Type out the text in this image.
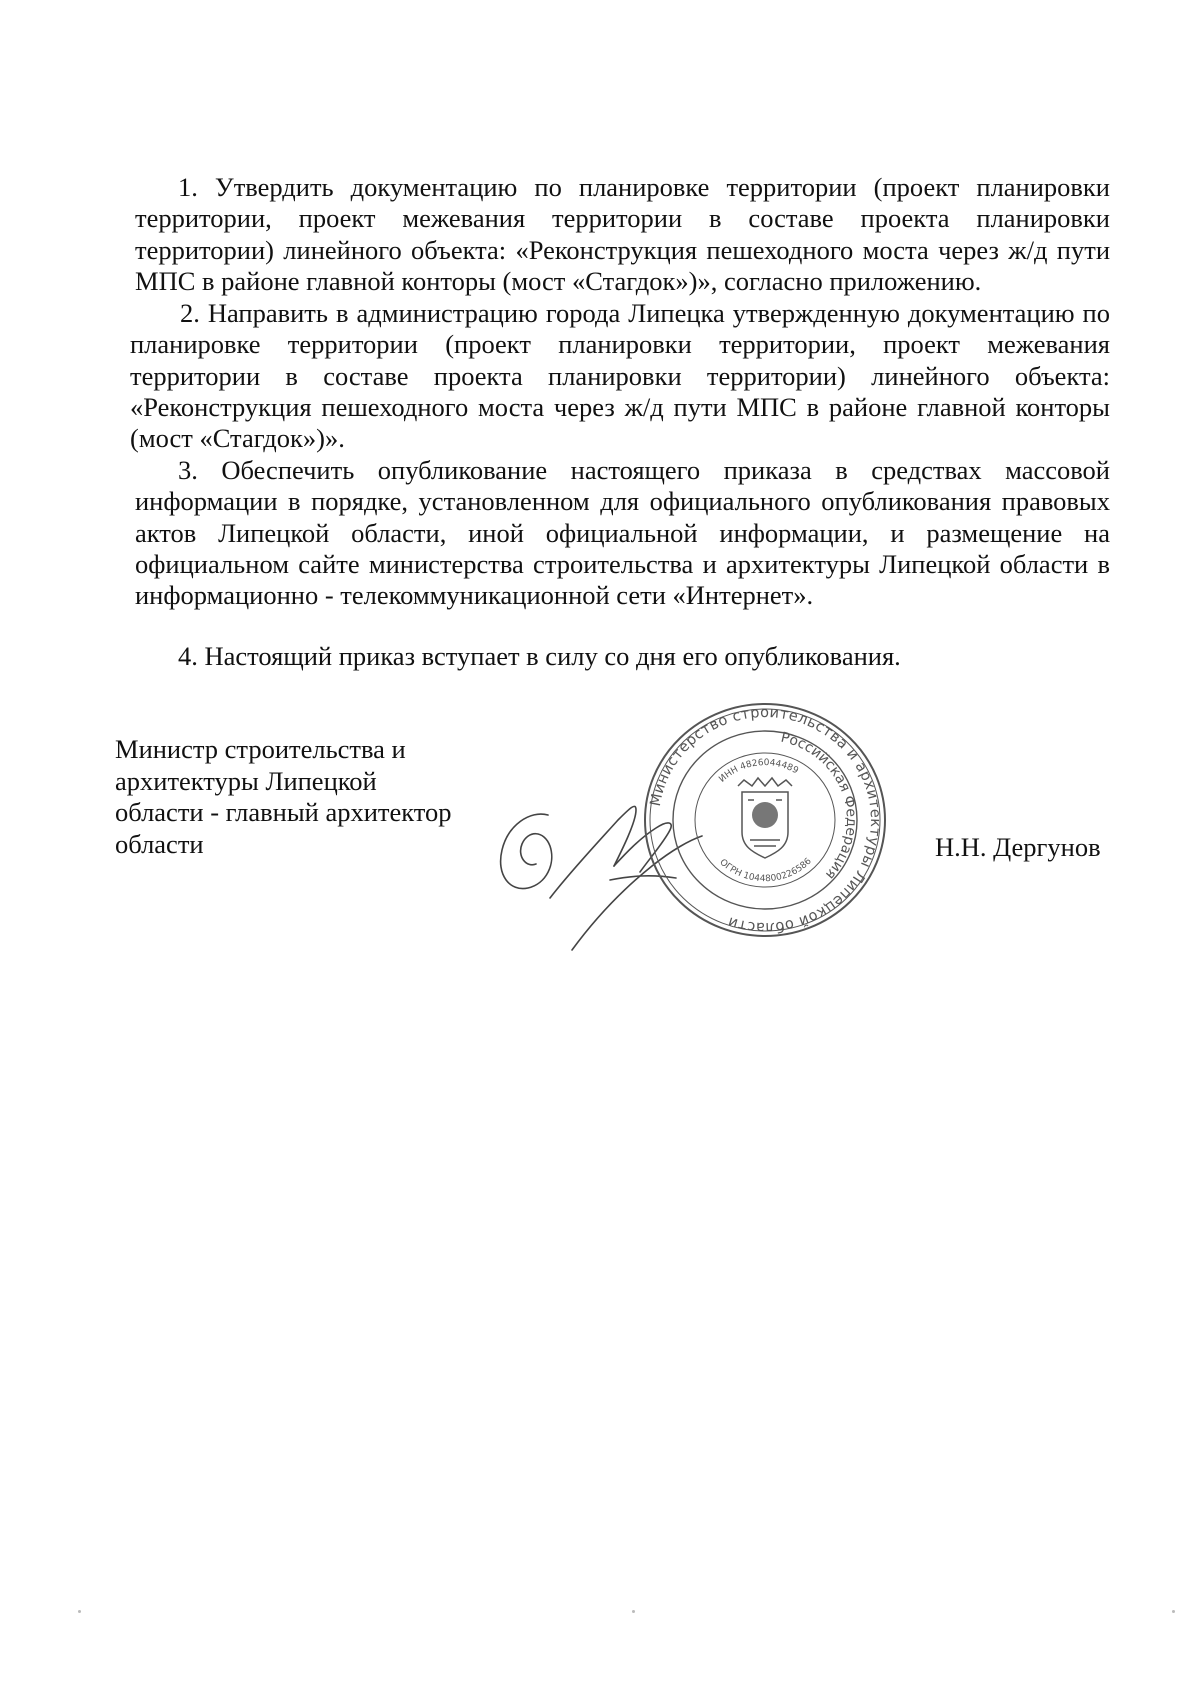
1. Утвердить документацию по планировке территории (проект планировки территории, проект межевания территории в составе проекта планировки территории) линейного объекта: «Реконструкция пешеходного моста через ж/д пути МПС в районе главной конторы (мост «Стагдок»)», согласно приложению.

2. Направить в администрацию города Липецка утвержденную документацию по планировке территории (проект планировки территории, проект межевания территории в составе проекта планировки территории) линейного объекта: «Реконструкция пешеходного моста через ж/д пути МПС в районе главной конторы (мост «Стагдок»)».

3. Обеспечить опубликование настоящего приказа в средствах массовой информации в порядке, установленном для официального опубликования правовых актов Липецкой области, иной официальной информации, и размещение на официальном сайте министерства строительства и архитектуры Липецкой области в информационно - телекоммуникационной сети «Интернет».

4. Настоящий приказ вступает в силу со дня его опубликования.

Министр строительства и
архитектуры Липецкой
области - главный архитектор
области
Министерство строительства и архитектуры Липецкой области
Российская Федерация
ИНН 4826044489
ОГРН 1044800226586
Н.Н. Дергунов
